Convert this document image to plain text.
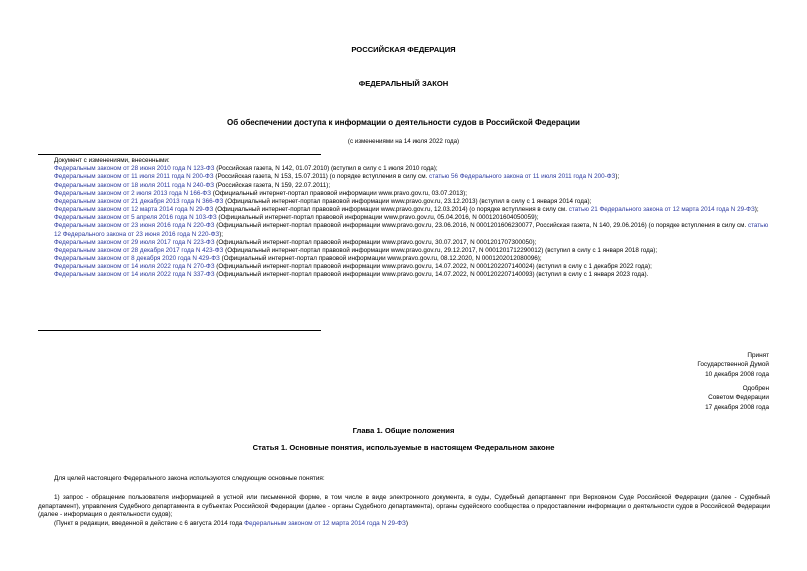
РОССИЙСКАЯ ФЕДЕРАЦИЯ
ФЕДЕРАЛЬНЫЙ ЗАКОН
Об обеспечении доступа к информации о деятельности судов в Российской Федерации
(с изменениями на 14 июля 2022 года)

Документ с изменениями, внесенными:

Федеральным законом от 28 июня 2010 года N 123-ФЗ (Российская газета, N 142, 01.07.2010) (вступил в силу с 1 июля 2010 года);

Федеральным законом от 11 июля 2011 года N 200-ФЗ (Российская газета, N 153, 15.07.2011) (о порядке вступления в силу см. статью 56 Федерального закона от 11 июля 2011 года N 200-ФЗ);

Федеральным законом от 18 июля 2011 года N 240-ФЗ (Российская газета, N 159, 22.07.2011);

Федеральным законом от 2 июля 2013 года N 166-ФЗ (Официальный интернет-портал правовой информации www.pravo.gov.ru, 03.07.2013);

Федеральным законом от 21 декабря 2013 года N 366-ФЗ (Официальный интернет-портал правовой информации www.pravo.gov.ru, 23.12.2013) (вступил в силу с 1 января 2014 года);

Федеральным законом от 12 марта 2014 года N 29-ФЗ (Официальный интернет-портал правовой информации www.pravo.gov.ru, 12.03.2014) (о порядке вступления в силу см. статью 21 Федерального закона от 12 марта 2014 года N 29-ФЗ);

Федеральным законом от 5 апреля 2016 года N 103-ФЗ (Официальный интернет-портал правовой информации www.pravo.gov.ru, 05.04.2016, N 0001201604050059);

Федеральным законом от 23 июня 2016 года N 220-ФЗ (Официальный интернет-портал правовой информации www.pravo.gov.ru, 23.06.2016, N 0001201606230077, Российская газета, N 140, 29.06.2016) (о порядке вступления в силу см. статью 12 Федерального закона от 23 июня 2016 года N 220-ФЗ);

Федеральным законом от 29 июля 2017 года N 223-ФЗ (Официальный интернет-портал правовой информации www.pravo.gov.ru, 30.07.2017, N 0001201707300050);

Федеральным законом от 28 декабря 2017 года N 423-ФЗ (Официальный интернет-портал правовой информации www.pravo.gov.ru, 29.12.2017, N 0001201712290012) (вступил в силу с 1 января 2018 года);

Федеральным законом от 8 декабря 2020 года N 429-ФЗ (Официальный интернет-портал правовой информации www.pravo.gov.ru, 08.12.2020, N 0001202012080096);

Федеральным законом от 14 июля 2022 года N 270-ФЗ (Официальный интернет-портал правовой информации www.pravo.gov.ru, 14.07.2022, N 0001202207140024) (вступил в силу с 1 декабря 2022 года);

Федеральным законом от 14 июля 2022 года N 337-ФЗ (Официальный интернет-портал правовой информации www.pravo.gov.ru, 14.07.2022, N 0001202207140093) (вступил в силу с 1 января 2023 года).

Принят
Государственной Думой
10 декабря 2008 года
Одобрен
Советом Федерации
17 декабря 2008 года
Глава 1. Общие положения
Статья 1. Основные понятия, используемые в настоящем Федеральном законе
Для целей настоящего Федерального закона используются следующие основные понятия:
1) запрос - обращение пользователя информацией в устной или письменной форме, в том числе в виде электронного документа, в суды, Судебный департамент при Верховном Суде Российской Федерации (далее - Судебный департамент), управления Судебного департамента в субъектах Российской Федерации (далее - органы Судебного департамента), органы судейского сообщества о предоставлении информации о деятельности судов в Российской Федерации (далее - информация о деятельности судов);
(Пункт в редакции, введенной в действие с 6 августа 2014 года Федеральным законом от 12 марта 2014 года N 29-ФЗ)
